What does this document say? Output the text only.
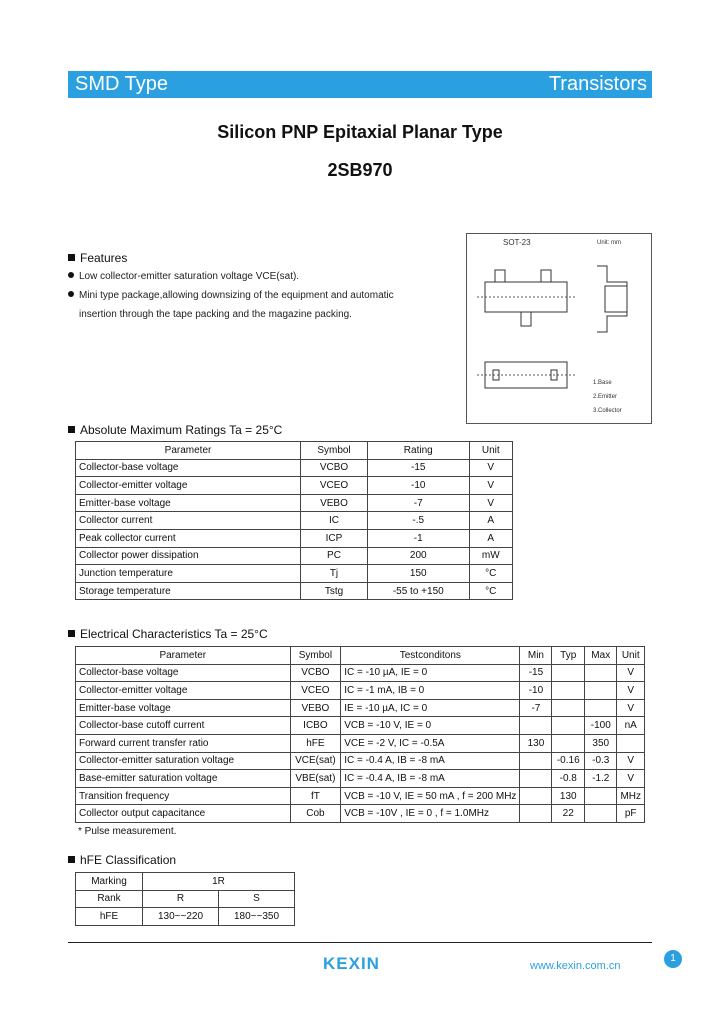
SMD Type	Transistors
Silicon PNP Epitaxial Planar Type
2SB970
Features
Low collector-emitter saturation voltage VCE(sat).
Mini type package,allowing downsizing of the equipment and automatic
insertion through the tape packing and the magazine packing.
SOT-23	Unit: mm
1.Base
2.Emitter
3.Collector
Absolute Maximum Ratings Ta = 25°C
Parameter	Symbol	Rating	Unit
Collector-base voltage	VCBO	-15	V
Collector-emitter voltage	VCEO	-10	V
Emitter-base voltage	VEBO	-7	V
Collector current	IC	-.5	A
Peak collector current	ICP	-1	A
Collector power dissipation	PC	200	mW
Junction temperature	Tj	150	°C
Storage temperature	Tstg	-55 to +150	°C
Electrical Characteristics Ta = 25°C
Parameter	Symbol	Testconditons	Min	Typ	Max	Unit
Collector-base voltage	VCBO	IC = -10 µA, IE = 0	-15			V
Collector-emitter voltage	VCEO	IC = -1 mA, IB = 0	-10			V
Emitter-base voltage	VEBO	IE = -10 µA, IC = 0	-7			V
Collector-base cutoff current	ICBO	VCB = -10 V, IE = 0			-100	nA
Forward current transfer ratio	hFE	VCE = -2 V, IC = -0.5A	130		350	
Collector-emitter saturation voltage	VCE(sat)	IC = -0.4 A, IB = -8 mA		-0.16	-0.3	V
Base-emitter saturation voltage	VBE(sat)	IC = -0.4 A, IB = -8 mA		-0.8	-1.2	V
Transition frequency	fT	VCB = -10 V, IE = 50 mA , f = 200 MHz		130		MHz
Collector output capacitance	Cob	VCB = -10V , IE = 0 , f = 1.0MHz		22		pF
* Pulse measurement.
hFE Classification
Marking	1R	
Rank	R	S
hFE	130~~220	180~~350
KEXIN	www.kexin.com.cn
1
